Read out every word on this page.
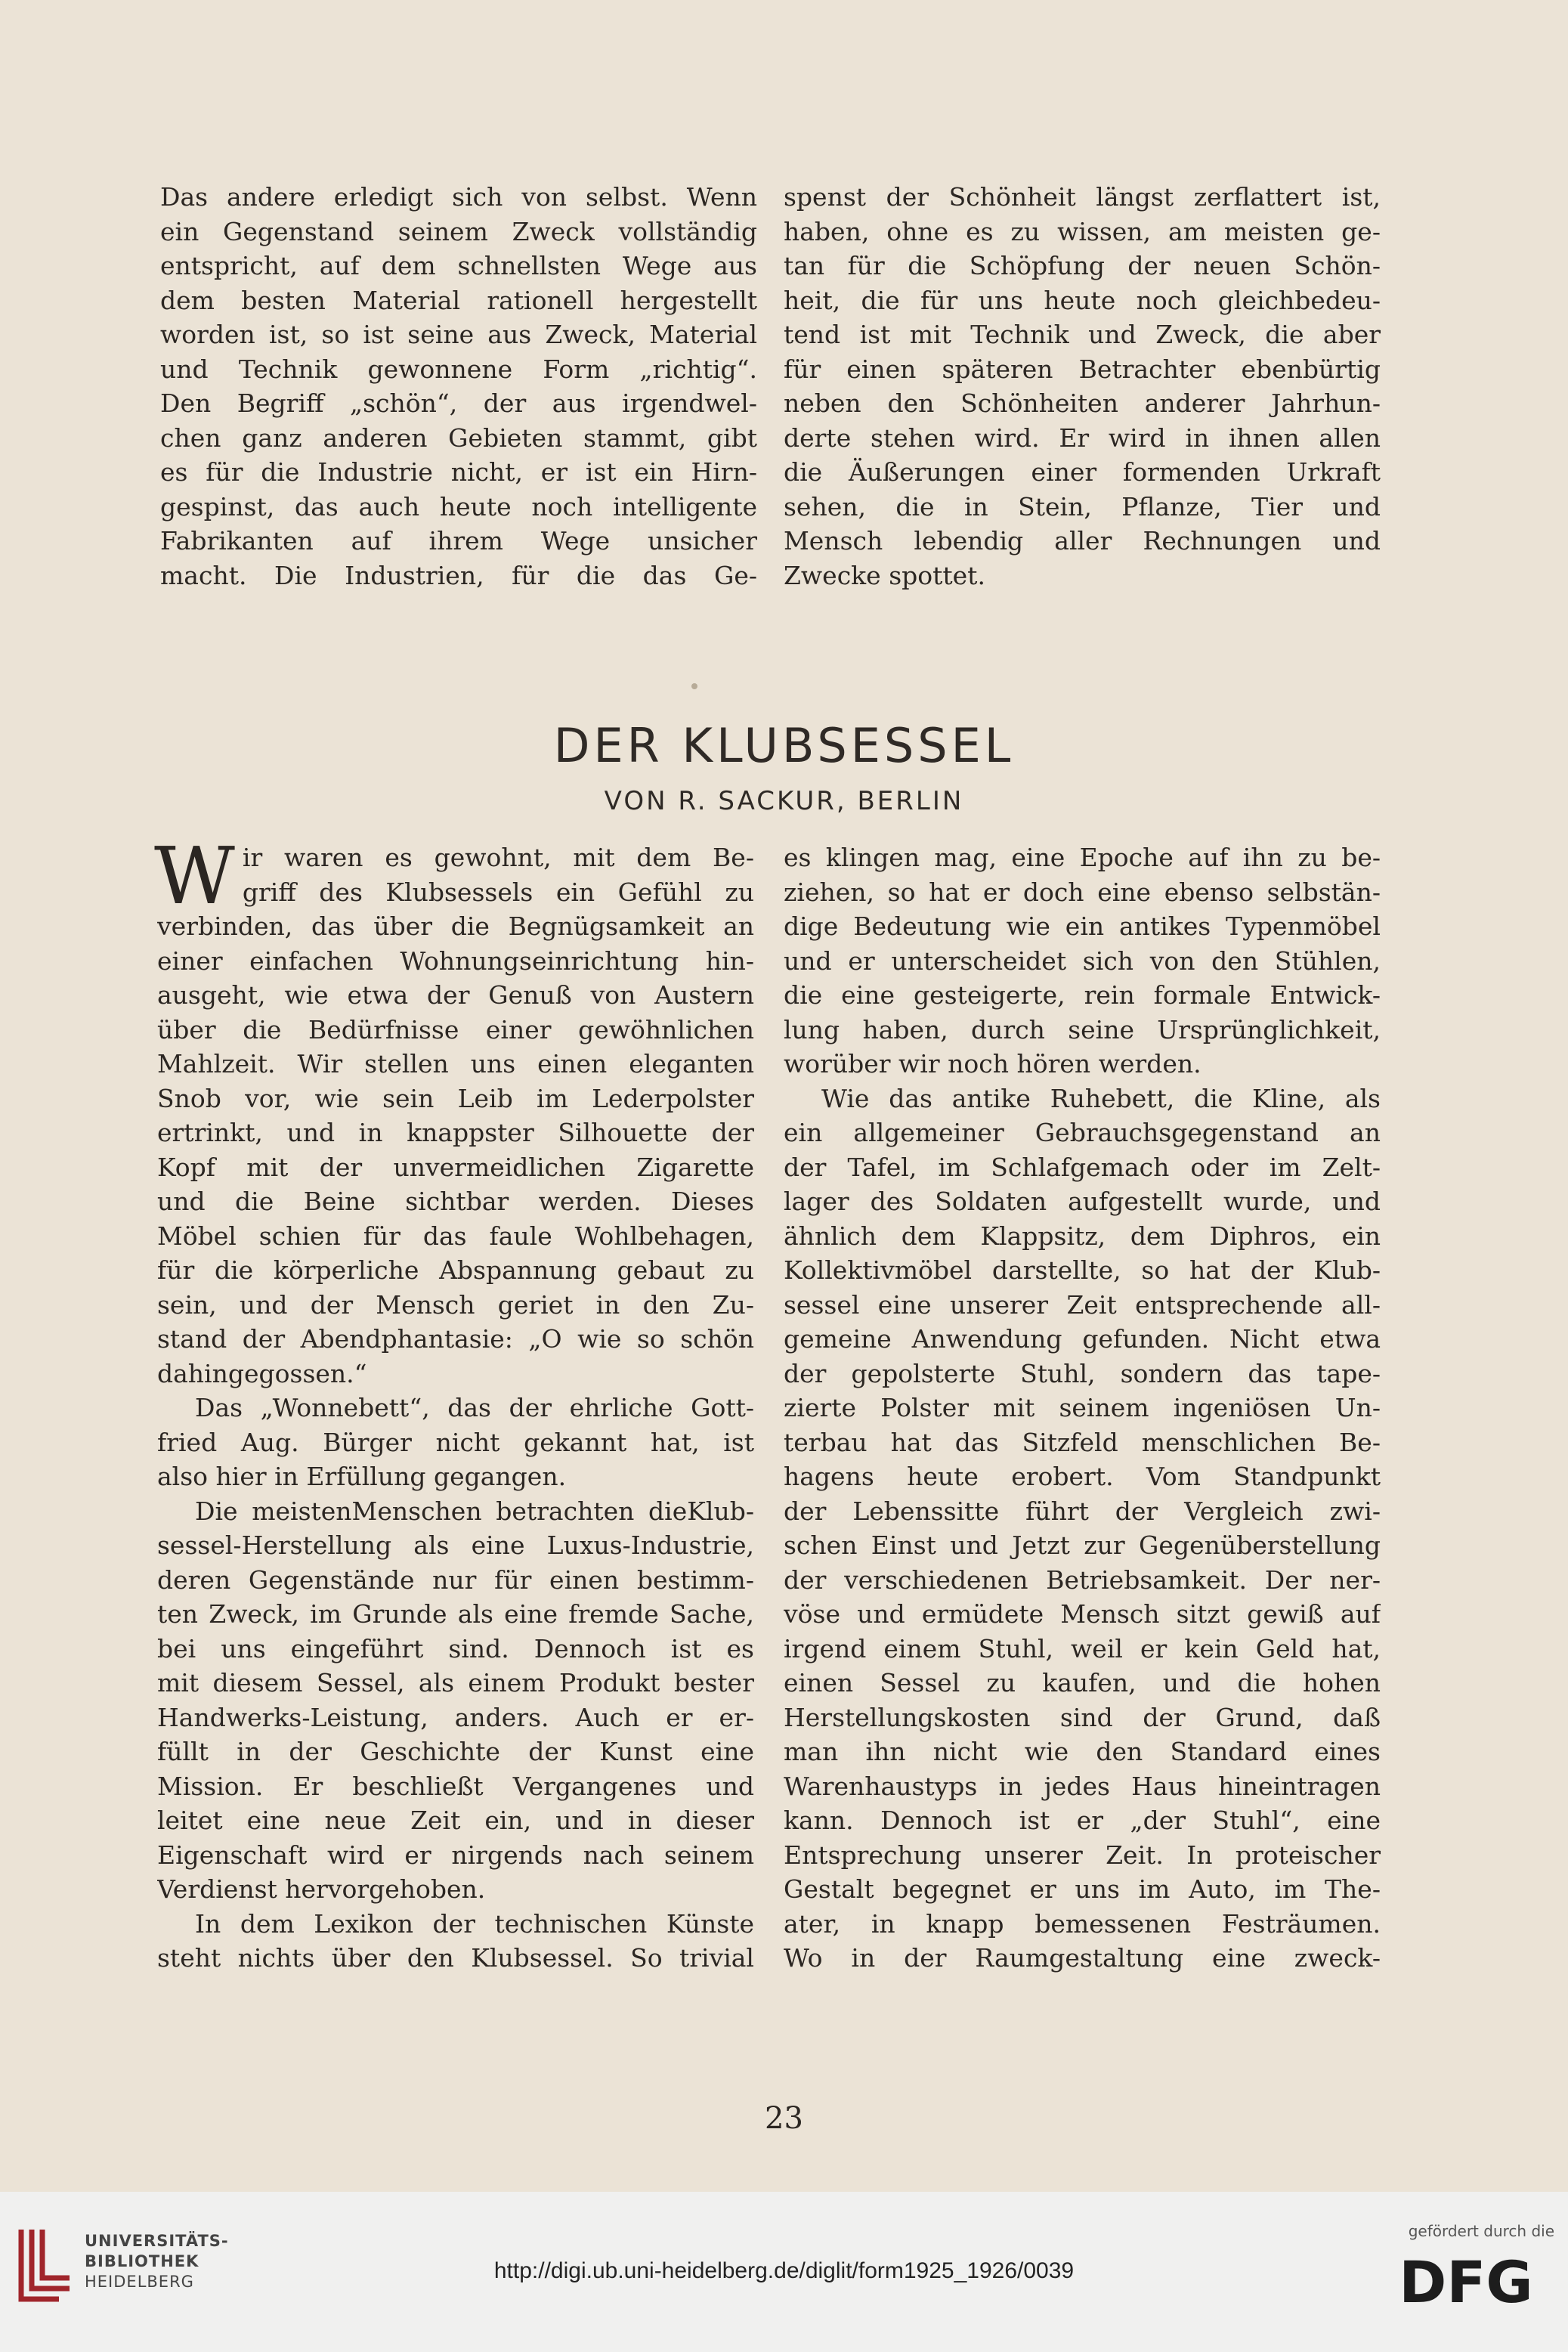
Das andere erledigt sich von selbst. Wenn
ein Gegenstand seinem Zweck vollständig
entspricht, auf dem schnellsten Wege aus
dem besten Material rationell hergestellt
worden ist, so ist seine aus Zweck, Material
und Technik gewonnene Form „richtig“.
Den Begriff „schön“, der aus irgendwel-
chen ganz anderen Gebieten stammt, gibt
es für die Industrie nicht, er ist ein Hirn-
gespinst, das auch heute noch intelligente
Fabrikanten auf ihrem Wege unsicher
macht. Die Industrien, für die das Ge-
spenst der Schönheit längst zerflattert ist,
haben, ohne es zu wissen, am meisten ge-
tan für die Schöpfung der neuen Schön-
heit, die für uns heute noch gleichbedeu-
tend ist mit Technik und Zweck, die aber
für einen späteren Betrachter ebenbürtig
neben den Schönheiten anderer Jahrhun-
derte stehen wird. Er wird in ihnen allen
die Äußerungen einer formenden Urkraft
sehen, die in Stein, Pflanze, Tier und
Mensch lebendig aller Rechnungen und
Zwecke spottet.
DER KLUBSESSEL
VON R. SACKUR, BERLIN
W ir waren es gewohnt, mit dem Be-
griff des Klubsessels ein Gefühl zu
verbinden, das über die Begnügsamkeit an
einer einfachen Wohnungseinrichtung hin-
ausgeht, wie etwa der Genuß von Austern
über die Bedürfnisse einer gewöhnlichen
Mahlzeit. Wir stellen uns einen eleganten
Snob vor, wie sein Leib im Lederpolster
ertrinkt, und in knappster Silhouette der
Kopf mit der unvermeidlichen Zigarette
und die Beine sichtbar werden. Dieses
Möbel schien für das faule Wohlbehagen,
für die körperliche Abspannung gebaut zu
sein, und der Mensch geriet in den Zu-
stand der Abendphantasie: „O wie so schön
dahingegossen.“
Das „Wonnebett“, das der ehrliche Gott-
fried Aug. Bürger nicht gekannt hat, ist
also hier in Erfüllung gegangen.
Die meistenMenschen betrachten dieKlub-
sessel-Herstellung als eine Luxus-Industrie,
deren Gegenstände nur für einen bestimm-
ten Zweck, im Grunde als eine fremde Sache,
bei uns eingeführt sind. Dennoch ist es
mit diesem Sessel, als einem Produkt bester
Handwerks-Leistung, anders. Auch er er-
füllt in der Geschichte der Kunst eine
Mission. Er beschließt Vergangenes und
leitet eine neue Zeit ein, und in dieser
Eigenschaft wird er nirgends nach seinem
Verdienst hervorgehoben.
In dem Lexikon der technischen Künste
steht nichts über den Klubsessel. So trivial
es klingen mag, eine Epoche auf ihn zu be-
ziehen, so hat er doch eine ebenso selbstän-
dige Bedeutung wie ein antikes Typenmöbel
und er unterscheidet sich von den Stühlen,
die eine gesteigerte, rein formale Entwick-
lung haben, durch seine Ursprünglichkeit,
worüber wir noch hören werden.
Wie das antike Ruhebett, die Kline, als
ein allgemeiner Gebrauchsgegenstand an
der Tafel, im Schlafgemach oder im Zelt-
lager des Soldaten aufgestellt wurde, und
ähnlich dem Klappsitz, dem Diphros, ein
Kollektivmöbel darstellte, so hat der Klub-
sessel eine unserer Zeit entsprechende all-
gemeine Anwendung gefunden. Nicht etwa
der gepolsterte Stuhl, sondern das tape-
zierte Polster mit seinem ingeniösen Un-
terbau hat das Sitzfeld menschlichen Be-
hagens heute erobert. Vom Standpunkt
der Lebenssitte führt der Vergleich zwi-
schen Einst und Jetzt zur Gegenüberstellung
der verschiedenen Betriebsamkeit. Der ner-
vöse und ermüdete Mensch sitzt gewiß auf
irgend einem Stuhl, weil er kein Geld hat,
einen Sessel zu kaufen, und die hohen
Herstellungskosten sind der Grund, daß
man ihn nicht wie den Standard eines
Warenhaustyps in jedes Haus hineintragen
kann. Dennoch ist er „der Stuhl“, eine
Entsprechung unserer Zeit. In proteischer
Gestalt begegnet er uns im Auto, im The-
ater, in knapp bemessenen Festräumen.
Wo in der Raumgestaltung eine zweck-
23
UNIVERSITÄTS-
BIBLIOTHEK
HEIDELBERG	http://digi.ub.uni-heidelberg.de/diglit/form1925_1926/0039
gefördert durch die
DFG
